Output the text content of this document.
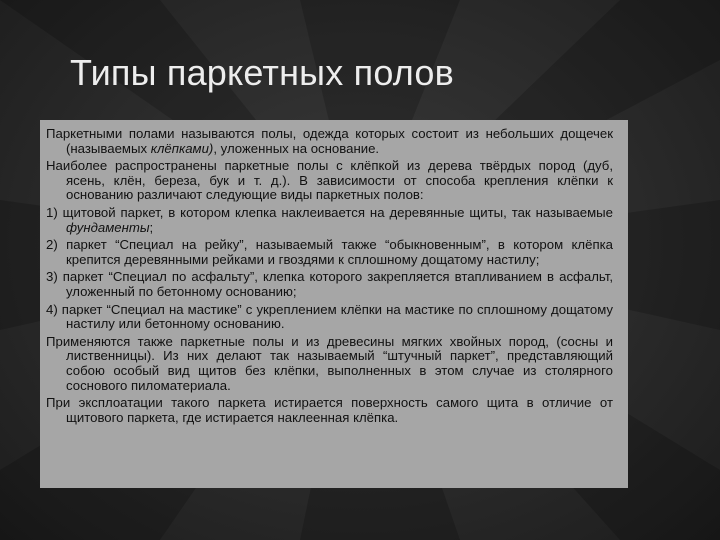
Типы паркетных полов

Паркетными полами называются полы, одежда которых состоит из небольших дощечек (называемых клёпками), уложенных на основание.

Наиболее распространены паркетные полы с клёпкой из дерева твёрдых пород (дуб, ясень, клён, береза, бук и т. д.). В зависимости от способа крепления клёпки к основанию различают следующие виды паркетных полов:

1) щитовой паркет, в котором клепка наклеивается на деревянные щиты, так называемые фундаменты;

2) паркет “Специал на рейку”, называемый также “обыкновенным”, в котором клёпка крепится деревянными рейками и гвоздями к сплошному дощатому настилу;

3) паркет “Специал по асфальту”, клепка которого закрепляется втапливанием в асфальт, уложенный по бетонному основанию;

4) паркет “Специал на мастике” с укреплением клёпки на мастике по сплошному дощатому настилу или бетонному основанию.

Применяются также паркетные полы и из древесины мягких хвойных пород, (сосны и лиственницы). Из них делают так называемый “штучный паркет”, представляющий собою особый вид щитов без клёпки, выполненных в этом случае из столярного соснового пиломатериала.

При эксплоатации такого паркета истирается поверхность самого щита в отличие от щитового паркета, где истирается наклеенная клёпка.
